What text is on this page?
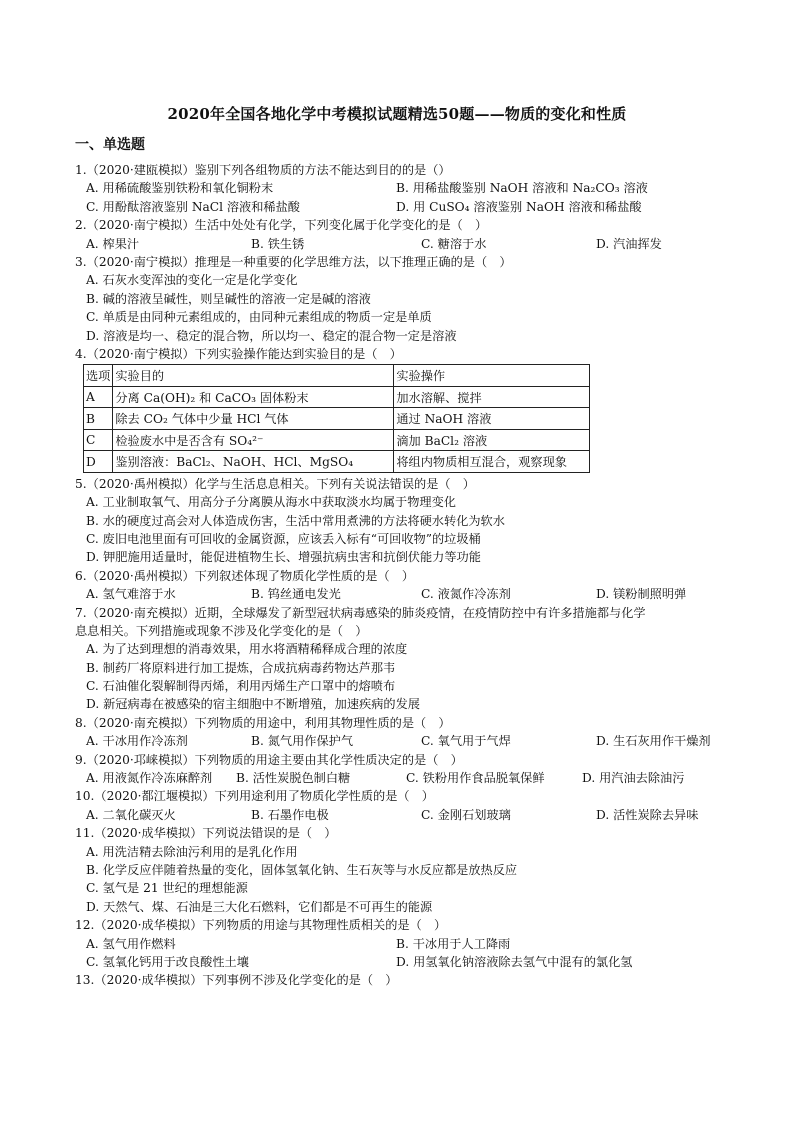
2020年全国各地化学中考模拟试题精选50题——物质的变化和性质
一、单选题
1.（2020·建瓯模拟）鉴别下列各组物质的方法不能达到目的的是（）
A. 用稀硫酸鉴别铁粉和氧化铜粉末	B. 用稀盐酸鉴别 NaOH 溶液和 Na₂CO₃ 溶液
C. 用酚酞溶液鉴别 NaCl 溶液和稀盐酸	D. 用 CuSO₄ 溶液鉴别 NaOH 溶液和稀盐酸
2.（2020·南宁模拟）生活中处处有化学，下列变化属于化学变化的是（　）
A. 榨果汁	B. 铁生锈	C. 糖溶于水	D. 汽油挥发
3.（2020·南宁模拟）推理是一种重要的化学思维方法，以下推理正确的是（　）
A. 石灰水变浑浊的变化一定是化学变化
B. 碱的溶液呈碱性，则呈碱性的溶液一定是碱的溶液
C. 单质是由同种元素组成的，由同种元素组成的物质一定是单质
D. 溶液是均一、稳定的混合物，所以均一、稳定的混合物一定是溶液
4.（2020·南宁模拟）下列实验操作能达到实验目的是（　）
选项	实验目的	实验操作
A	分离 Ca(OH)₂ 和 CaCO₃ 固体粉末	加水溶解、搅拌
B	除去 CO₂ 气体中少量 HCl 气体	通过 NaOH 溶液
C	检验废水中是否含有 SO₄²⁻	滴加 BaCl₂ 溶液
D	鉴别溶液：BaCl₂、NaOH、HCl、MgSO₄	将组内物质相互混合，观察现象
5.（2020·禹州模拟）化学与生活息息相关。下列有关说法错误的是（　）
A. 工业制取氧气、用高分子分离膜从海水中获取淡水均属于物理变化
B. 水的硬度过高会对人体造成伤害，生活中常用煮沸的方法将硬水转化为软水
C. 废旧电池里面有可回收的金属资源，应该丢入标有“可回收物”的垃圾桶
D. 钾肥施用适量时，能促进植物生长、增强抗病虫害和抗倒伏能力等功能
6.（2020·禹州模拟）下列叙述体现了物质化学性质的是（　）
A. 氢气难溶于水	B. 钨丝通电发光	C. 液氮作冷冻剂	D. 镁粉制照明弹
7.（2020·南充模拟）近期，全球爆发了新型冠状病毒感染的肺炎疫情，在疫情防控中有许多措施都与化学
息息相关。下列措施或现象不涉及化学变化的是（　）
A. 为了达到理想的消毒效果，用水将酒精稀释成合理的浓度
B. 制药厂将原料进行加工提炼，合成抗病毒药物达芦那韦
C. 石油催化裂解制得丙烯，利用丙烯生产口罩中的熔喷布
D. 新冠病毒在被感染的宿主细胞中不断增殖，加速疾病的发展
8.（2020·南充模拟）下列物质的用途中，利用其物理性质的是（　）
A. 干冰用作冷冻剂	B. 氮气用作保护气	C. 氧气用于气焊	D. 生石灰用作干燥剂
9.（2020·邛崃模拟）下列物质的用途主要由其化学性质决定的是（　）
A. 用液氮作冷冻麻醉剂	B. 活性炭脱色制白糖	C. 铁粉用作食品脱氧保鲜	D. 用汽油去除油污
10.（2020·都江堰模拟）下列用途利用了物质化学性质的是（　）
A. 二氧化碳灭火	B. 石墨作电极	C. 金刚石划玻璃	D. 活性炭除去异味
11.（2020·成华模拟）下列说法错误的是（　）
A. 用洗洁精去除油污利用的是乳化作用
B. 化学反应伴随着热量的变化，固体氢氧化钠、生石灰等与水反应都是放热反应
C. 氢气是 21 世纪的理想能源
D. 天然气、煤、石油是三大化石燃料，它们都是不可再生的能源
12.（2020·成华模拟）下列物质的用途与其物理性质相关的是（　）
A. 氢气用作燃料	B. 干冰用于人工降雨
C. 氢氧化钙用于改良酸性土壤	D. 用氢氧化钠溶液除去氢气中混有的氯化氢
13.（2020·成华模拟）下列事例不涉及化学变化的是（　）
